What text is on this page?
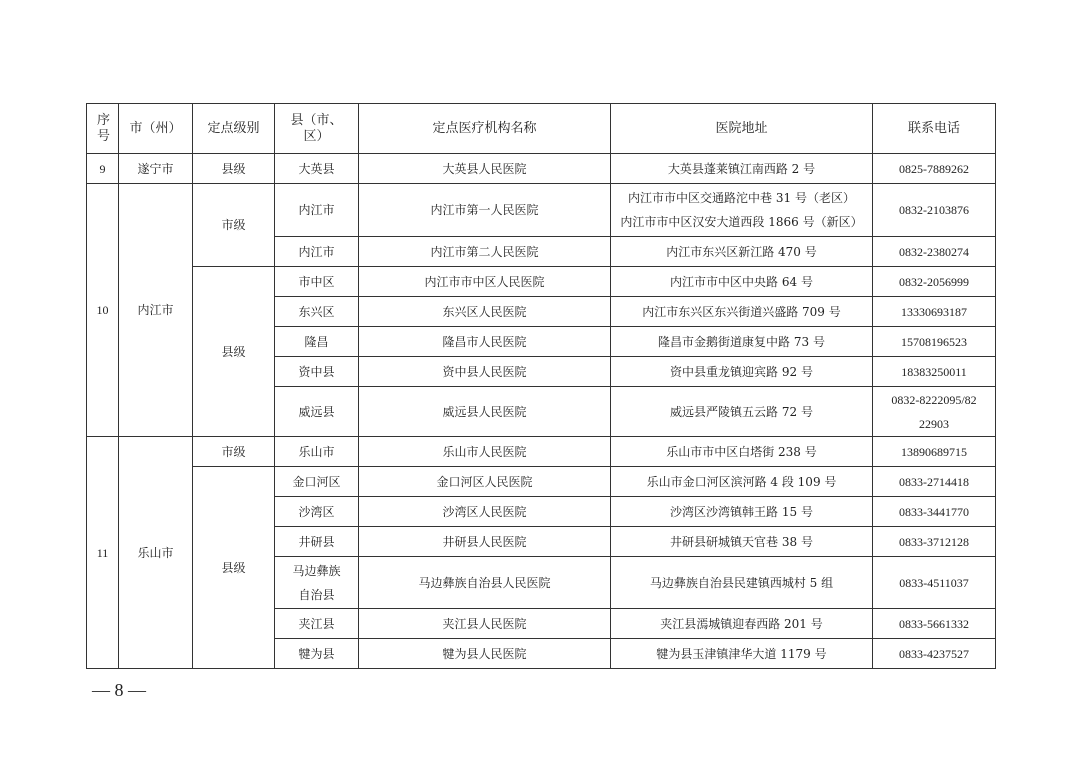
序号	市（州）	定点级别	县（市、区）	定点医疗机构名称	医院地址	联系电话
9	遂宁市	县级	大英县	大英县人民医院	大英县蓬莱镇江南西路 2 号	0825-7889262
10	内江市	市级	内江市	内江市第一人民医院	内江市市中区交通路沱中巷 31 号（老区）
内江市市中区汉安大道西段 1866 号（新区）	0832-2103876
			内江市	内江市第二人民医院	内江市东兴区新江路 470 号	0832-2380274
		县级	市中区	内江市市中区人民医院	内江市市中区中央路 64 号	0832-2056999
			东兴区	东兴区人民医院	内江市东兴区东兴街道兴盛路 709 号	13330693187
			隆昌	隆昌市人民医院	隆昌市金鹅街道康复中路 73 号	15708196523
			资中县	资中县人民医院	资中县重龙镇迎宾路 92 号	18383250011
			威远县	威远县人民医院	威远县严陵镇五云路 72 号	0832-8222095/82
22903

11	乐山市	市级	乐山市	乐山市人民医院	乐山市市中区白塔街 238 号	13890689715
		县级	金口河区	金口河区人民医院	乐山市金口河区滨河路 4 段 109 号	0833-2714418
			沙湾区	沙湾区人民医院	沙湾区沙湾镇韩王路 15 号	0833-3441770
			井研县	井研县人民医院	井研县研城镇天官巷 38 号	0833-3712128
			马边彝族自治县	马边彝族自治县人民医院	马边彝族自治县民建镇西城村 5 组	0833-4511037
			夹江县	夹江县人民医院	夹江县漹城镇迎春西路 201 号	0833-5661332
			犍为县	犍为县人民医院	犍为县玉津镇津华大道 1179 号	0833-4237527
— 8 —
